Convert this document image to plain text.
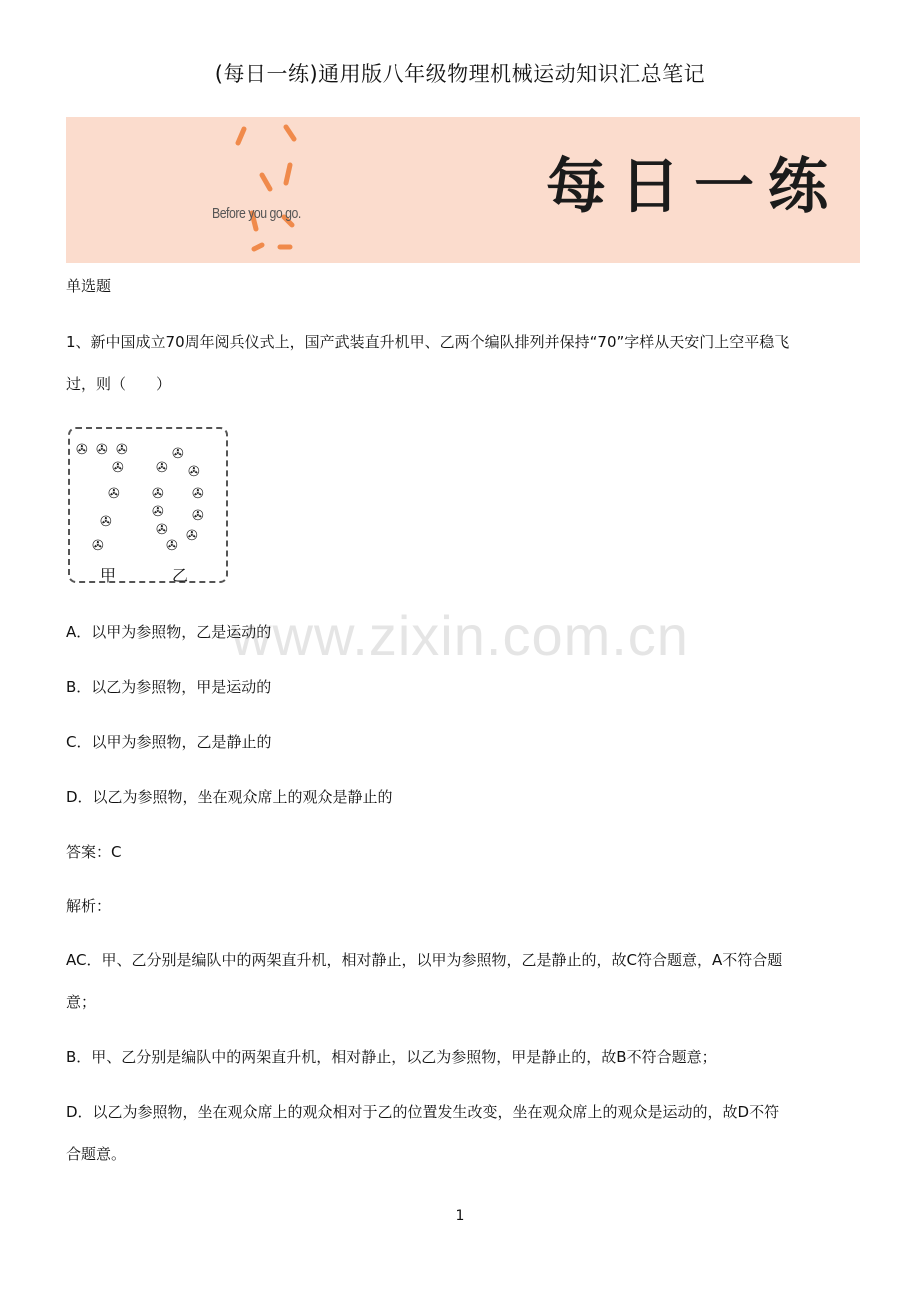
(每日一练)通用版八年级物理机械运动知识汇总笔记
Before you go go.	每日一练
单选题
1、新中国成立70周年阅兵仪式上，国产武装直升机甲、乙两个编队排列并保持“70”字样从天安门上空平稳飞
过，则（　　）
✇ ✇ ✇
✇
✇
✇
✇
✇
✇ ✇
✇ ✇
✇ ✇
✇ ✇
✇
甲	乙
www.zixin.com.cn
A．以甲为参照物，乙是运动的
B．以乙为参照物，甲是运动的
C．以甲为参照物，乙是静止的
D．以乙为参照物，坐在观众席上的观众是静止的
答案：C
解析：
AC．甲、乙分别是编队中的两架直升机，相对静止，以甲为参照物，乙是静止的，故C符合题意，A不符合题
意；
B．甲、乙分别是编队中的两架直升机，相对静止，以乙为参照物，甲是静止的，故B不符合题意；
D．以乙为参照物，坐在观众席上的观众相对于乙的位置发生改变，坐在观众席上的观众是运动的，故D不符
合题意。
1
